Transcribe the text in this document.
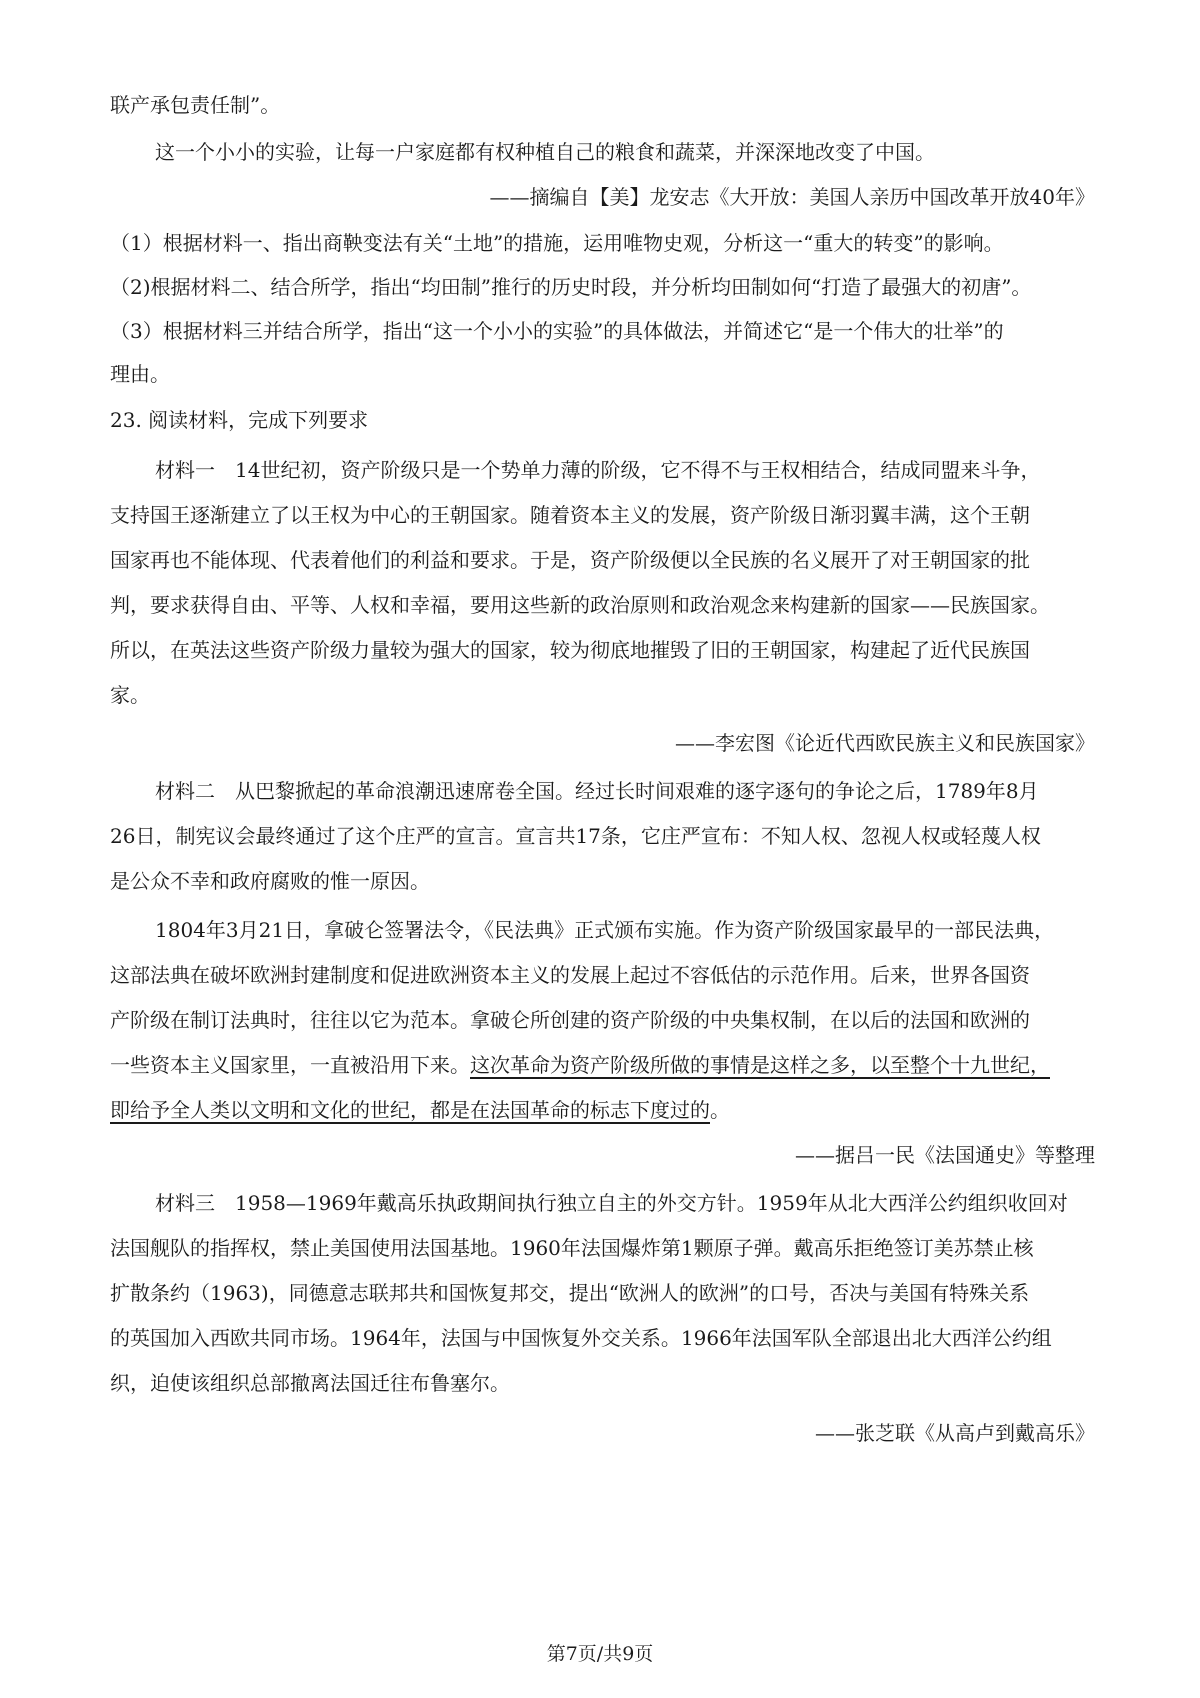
联产承包责任制”。
这一个小小的实验，让每一户家庭都有权种植自己的粮食和蔬菜，并深深地改变了中国。
——摘编自【美】龙安志《大开放：美国人亲历中国改革开放40年》
（1）根据材料一、指出商鞅变法有关“土地”的措施，运用唯物史观，分析这一“重大的转变”的影响。
（2)根据材料二、结合所学，指出“均田制”推行的历史时段，并分析均田制如何“打造了最强大的初唐”。
（3）根据材料三并结合所学，指出“这一个小小的实验”的具体做法，并简述它“是一个伟大的壮举”的
理由。
23. 阅读材料，完成下列要求
材料一　14世纪初，资产阶级只是一个势单力薄的阶级，它不得不与王权相结合，结成同盟来斗争，
支持国王逐渐建立了以王权为中心的王朝国家。随着资本主义的发展，资产阶级日渐羽翼丰满，这个王朝
国家再也不能体现、代表着他们的利益和要求。于是，资产阶级便以全民族的名义展开了对王朝国家的批
判，要求获得自由、平等、人权和幸福，要用这些新的政治原则和政治观念来构建新的国家——民族国家。
所以，在英法这些资产阶级力量较为强大的国家，较为彻底地摧毁了旧的王朝国家，构建起了近代民族国
家。
——李宏图《论近代西欧民族主义和民族国家》
材料二　从巴黎掀起的革命浪潮迅速席卷全国。经过长时间艰难的逐字逐句的争论之后，1789年8月
26日，制宪议会最终通过了这个庄严的宣言。宣言共17条，它庄严宣布：不知人权、忽视人权或轻蔑人权
是公众不幸和政府腐败的惟一原因。
1804年3月21日，拿破仑签署法令，《民法典》正式颁布实施。作为资产阶级国家最早的一部民法典，
这部法典在破坏欧洲封建制度和促进欧洲资本主义的发展上起过不容低估的示范作用。后来，世界各国资
产阶级在制订法典时，往往以它为范本。拿破仑所创建的资产阶级的中央集权制，在以后的法国和欧洲的
一些资本主义国家里，一直被沿用下来。这次革命为资产阶级所做的事情是这样之多，以至整个十九世纪，
即给予全人类以文明和文化的世纪，都是在法国革命的标志下度过的。
——据吕一民《法国通史》等整理
材料三　1958—1969年戴高乐执政期间执行独立自主的外交方针。1959年从北大西洋公约组织收回对
法国舰队的指挥权，禁止美国使用法国基地。1960年法国爆炸第1颗原子弹。戴高乐拒绝签订美苏禁止核
扩散条约（1963)，同德意志联邦共和国恢复邦交，提出“欧洲人的欧洲”的口号，否决与美国有特殊关系
的英国加入西欧共同市场。1964年，法国与中国恢复外交关系。1966年法国军队全部退出北大西洋公约组
织，迫使该组织总部撤离法国迁往布鲁塞尔。
——张芝联《从高卢到戴高乐》
第7页/共9页
